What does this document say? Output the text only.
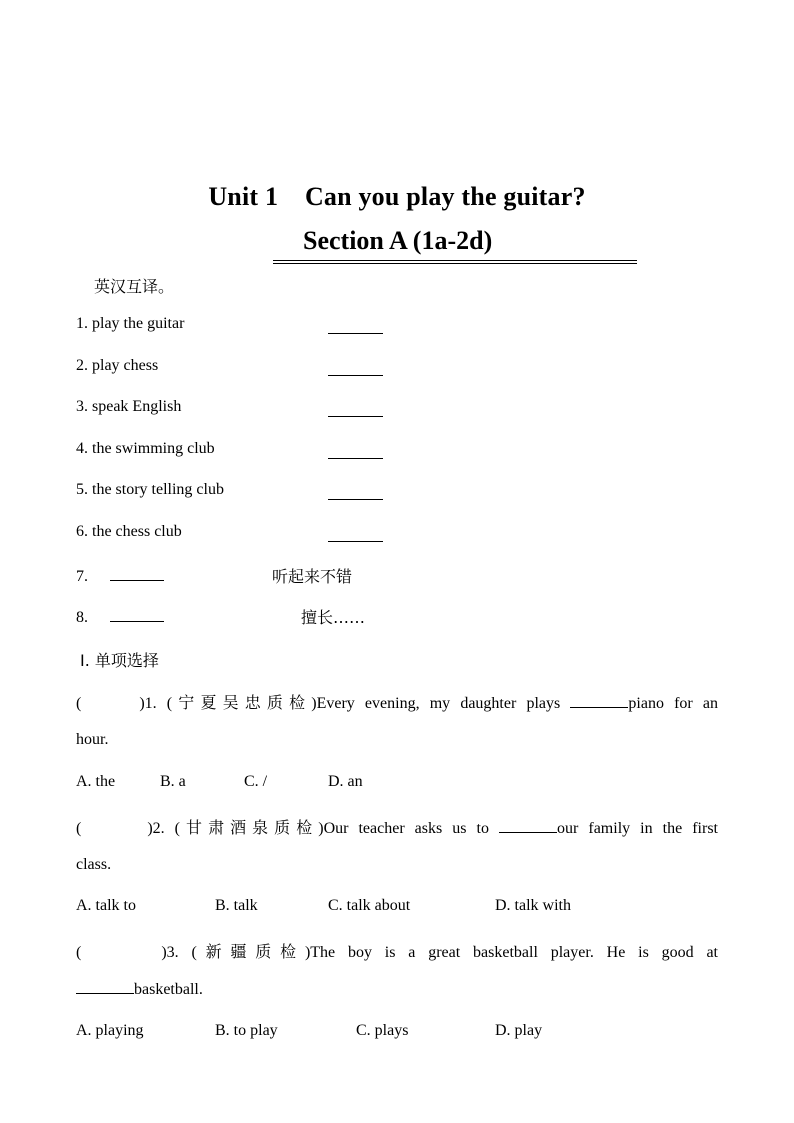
Unit 1    Can you play the guitar?
Section A (1a-2d)
英汉互译。
1. play the guitar
2. play chess
3. speak English
4. the swimming club
5. the story telling club
6. the chess club
7.	听起来不错
8.	擅长……
Ⅰ. 单项选择
(	)1. (宁夏吴忠质检)Every evening, my daughter plays	piano for an
hour.
A. the	B. a	C. /	D. an
(	)2. (甘肃酒泉质检)Our teacher asks us to	our family in the first
class.
A. talk to	B. talk	C. talk about	D. talk with
(	)3. (新疆质检)The boy is a great basketball player. He is good at
basketball.
A. playing	B. to play	C. plays	D. play
